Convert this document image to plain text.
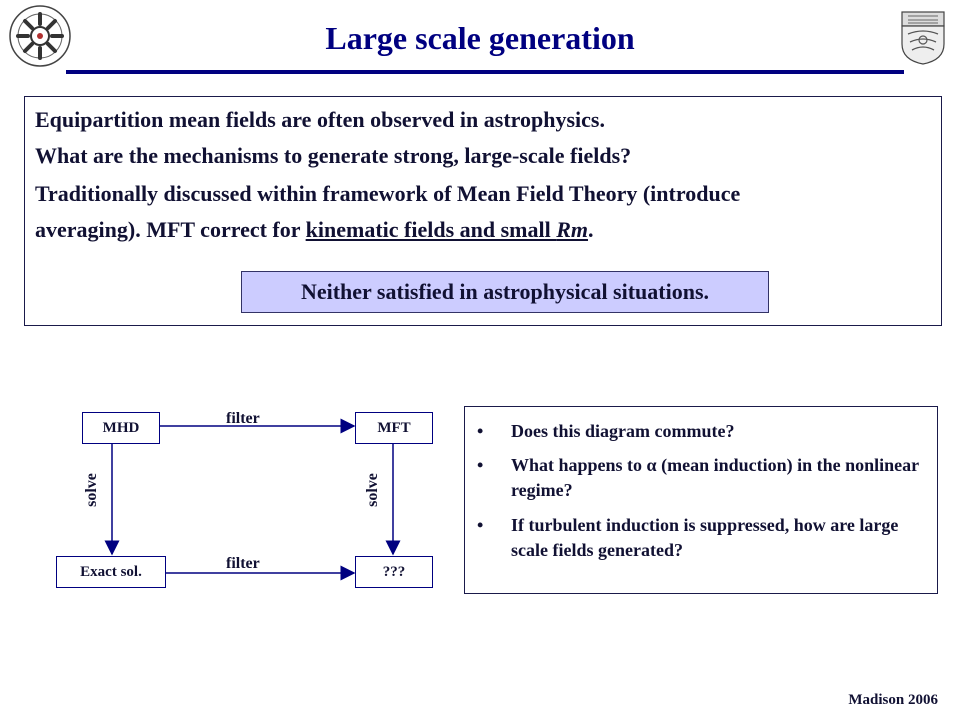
Large scale generation
Equipartition mean fields are often observed in astrophysics.
What are the mechanisms to generate strong, large-scale fields?
Traditionally discussed within framework of Mean Field Theory (introduce
averaging). MFT correct for kinematic fields and small Rm.
Neither satisfied in astrophysical situations.
MHD	MFT
Exact sol.	???
filter
filter
solve	solve
• Does this diagram commute?
• What happens to α (mean induction) in the nonlinear regime?
• If turbulent induction is suppressed, how are large scale fields generated?
Madison 2006
